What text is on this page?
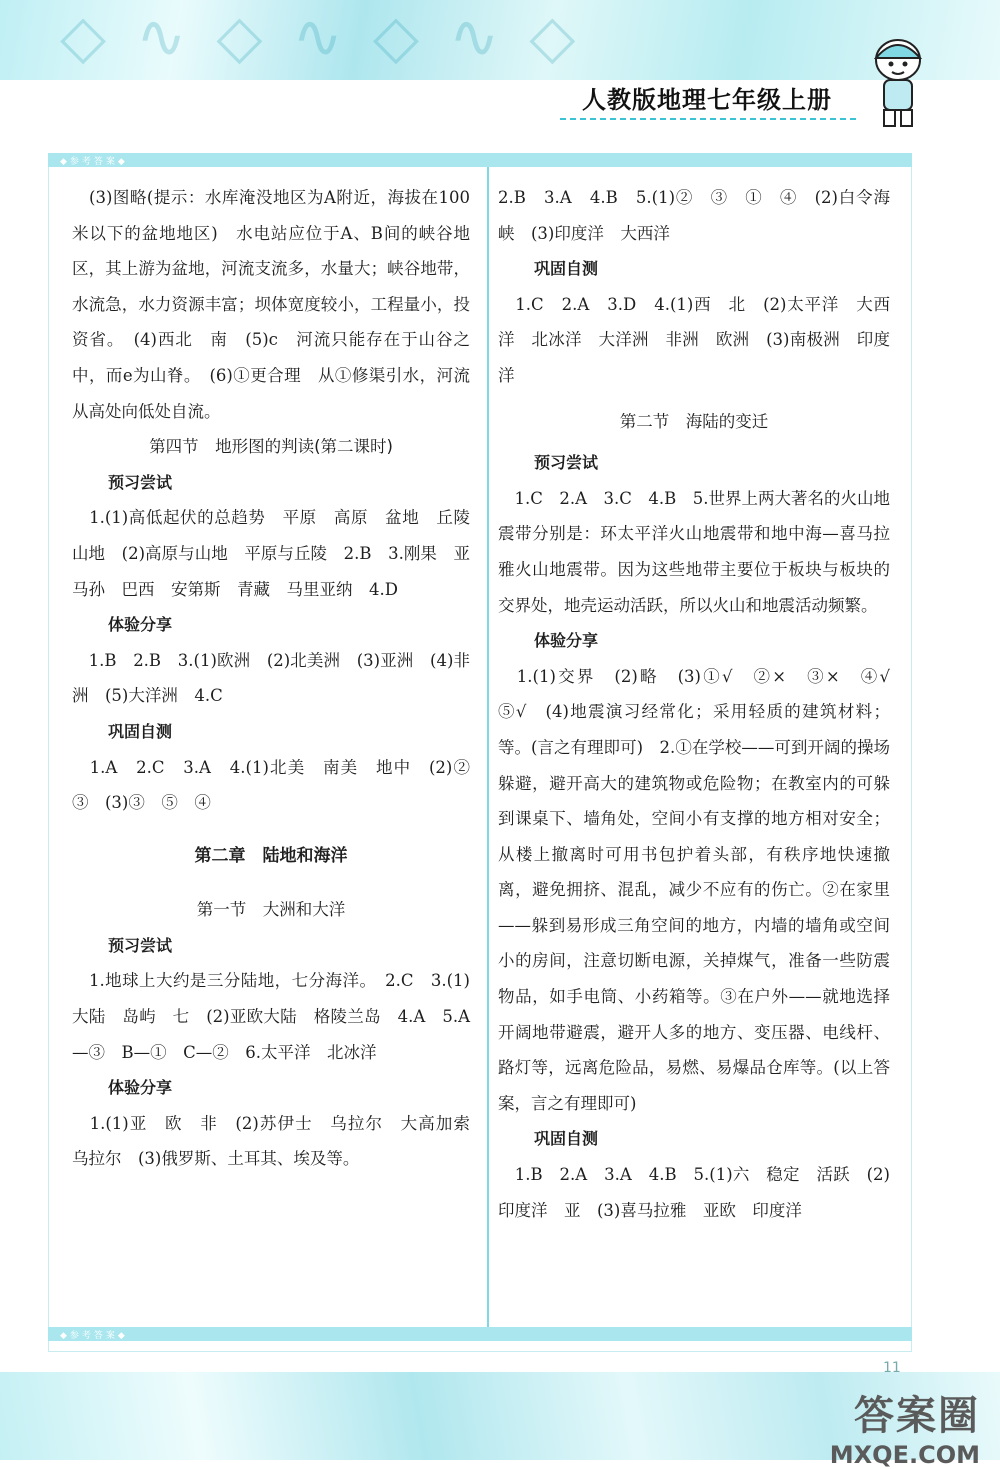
◇∿◇∿◇∿◇
人教版地理七年级上册
◆参考答案◆
◆参考答案◆

　(3)图略(提示：水库淹没地区为A附近，海拔在100米以下的盆地地区)　水电站应位于A、B间的峡谷地区，其上游为盆地，河流支流多，水量大；峡谷地带，水流急，水力资源丰富；坝体宽度较小，工程量小，投资省。　(4)西北　南　(5)c　河流只能存在于山谷之中，而e为山脊。　(6)①更合理　从①修渠引水，河流从高处向低处自流。

第四节　地形图的判读(第二课时)

预习尝试

　1.(1)高低起伏的总趋势　平原　高原　盆地　丘陵　山地　(2)高原与山地　平原与丘陵　2.B　3.刚果　亚马孙　巴西　安第斯　青藏　马里亚纳　4.D

体验分享

　1.B　2.B　3.(1)欧洲　(2)北美洲　(3)亚洲　(4)非洲　(5)大洋洲　4.C

巩固自测

　1.A　2.C　3.A　4.(1)北美　南美　地中　(2)②　③　(3)③　⑤　④

第二章　陆地和海洋

第一节　大洲和大洋

预习尝试

　1.地球上大约是三分陆地，七分海洋。　2.C　3.(1)大陆　岛屿　七　(2)亚欧大陆　格陵兰岛　4.A　5.A—③　B—①　C—②　6.太平洋　北冰洋

体验分享

　1.(1)亚　欧　非　(2)苏伊士　乌拉尔　大高加索　乌拉尔　(3)俄罗斯、土耳其、埃及等。

2.B　3.A　4.B　5.(1)②　③　①　④　(2)白令海峡　(3)印度洋　大西洋

巩固自测

　1.C　2.A　3.D　4.(1)西　北　(2)太平洋　大西洋　北冰洋　大洋洲　非洲　欧洲　(3)南极洲　印度洋

第二节　海陆的变迁

预习尝试

　1.C　2.A　3.C　4.B　5.世界上两大著名的火山地震带分别是：环太平洋火山地震带和地中海—喜马拉雅火山地震带。因为这些地带主要位于板块与板块的交界处，地壳运动活跃，所以火山和地震活动频繁。

体验分享

　1.(1)交界　(2)略　(3)①√　②×　③×　④√　⑤√　(4)地震演习经常化；采用轻质的建筑材料；等。(言之有理即可)　2.①在学校——可到开阔的操场躲避，避开高大的建筑物或危险物；在教室内的可躲到课桌下、墙角处，空间小有支撑的地方相对安全；从楼上撤离时可用书包护着头部，有秩序地快速撤离，避免拥挤、混乱，减少不应有的伤亡。②在家里——躲到易形成三角空间的地方，内墙的墙角或空间小的房间，注意切断电源，关掉煤气，准备一些防震物品，如手电筒、小药箱等。③在户外——就地选择开阔地带避震，避开人多的地方、变压器、电线杆、路灯等，远离危险品，易燃、易爆品仓库等。(以上答案，言之有理即可)

巩固自测

　1.B　2.A　3.A　4.B　5.(1)六　稳定　活跃　(2)印度洋　亚　(3)喜马拉雅　亚欧　印度洋

11
答案圈
MXQE.COM
